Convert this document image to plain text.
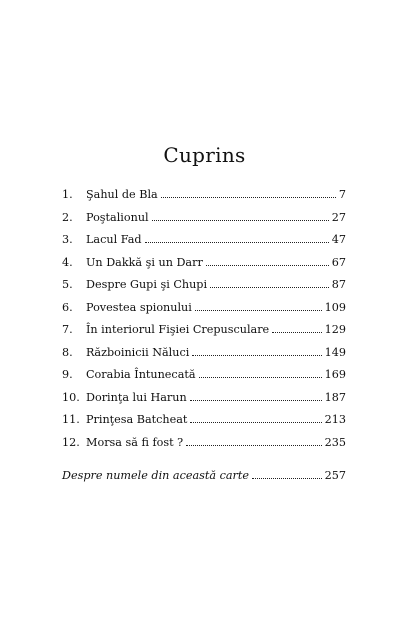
Cuprins
1.	Şahul de Bla	7
2.	Poştalionul	27
3.	Lacul Fad	47
4.	Un Dakkă şi un Darr	67
5.	Despre Gupi şi Chupi	87
6.	Povestea spionului	109
7.	În interiorul Fişiei Crepusculare	129
8.	Războinicii Năluci	149
9.	Corabia Întunecată	169
10. Dorinţa lui Harun	187
11. Prinţesa Batcheat	213
12. Morsa să fi fost ?	235
Despre numele din această carte	257
